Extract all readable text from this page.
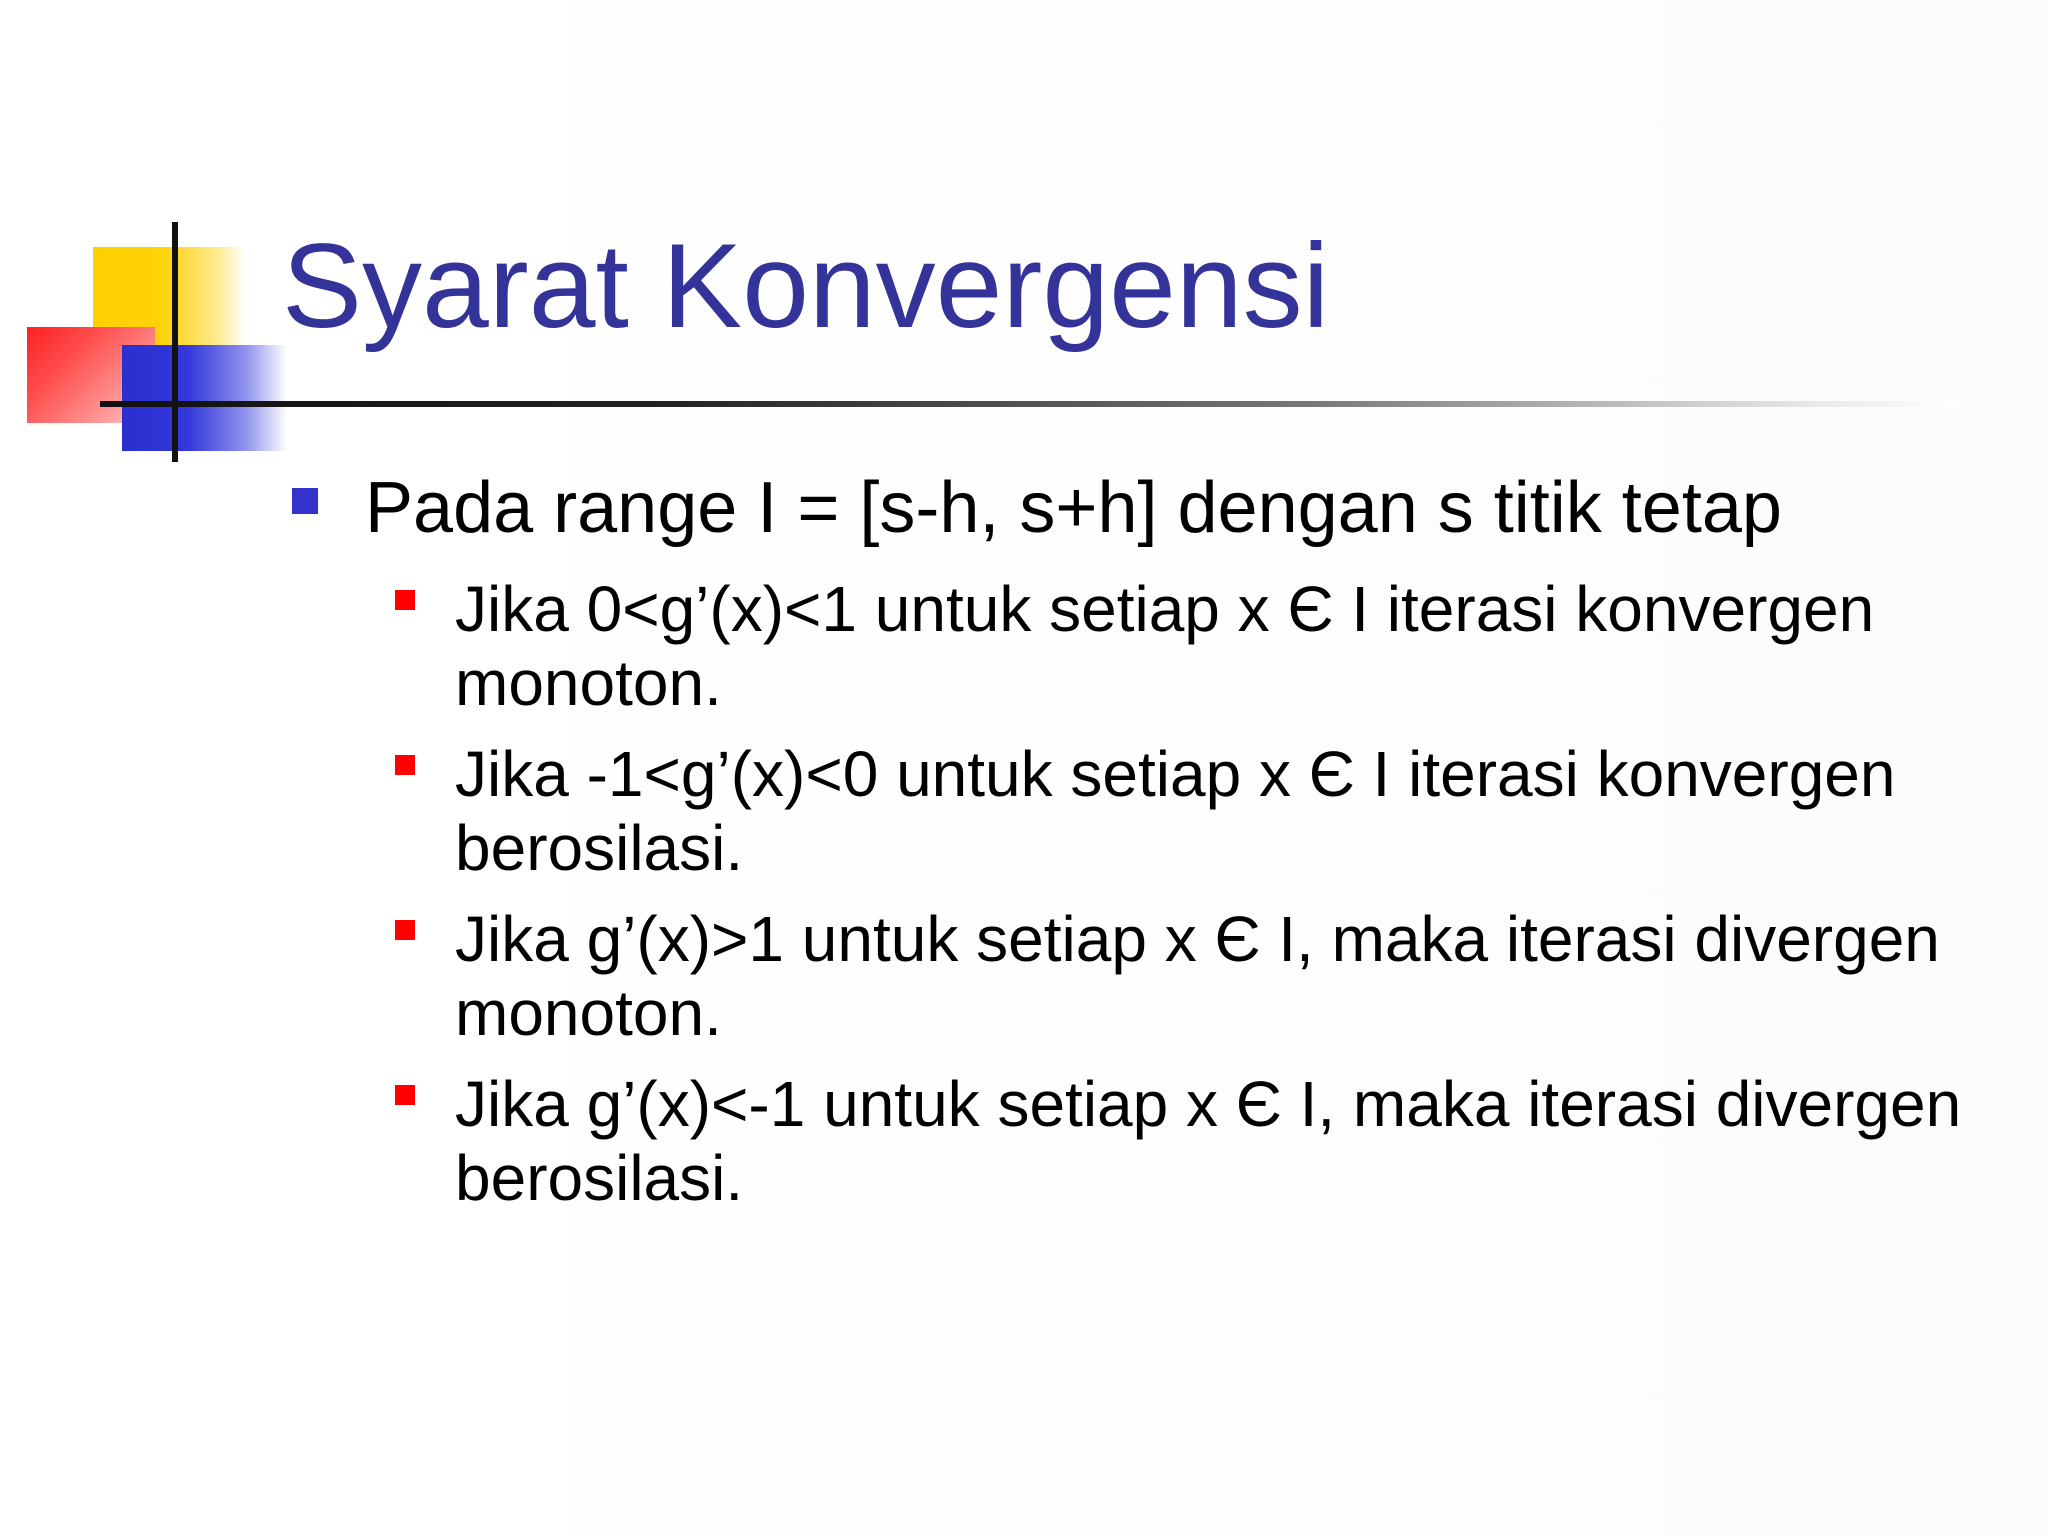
Syarat Konvergensi
Pada range I = [s-h, s+h] dengan s titik tetap
Jika 0<g’(x)<1 untuk setiap x Є I iterasi konvergen monoton.
Jika -1<g’(x)<0 untuk setiap x Є I iterasi konvergen berosilasi.
Jika g’(x)>1 untuk setiap x Є I, maka iterasi divergen monoton.
Jika g’(x)<-1 untuk setiap x Є I, maka iterasi divergen berosilasi.
